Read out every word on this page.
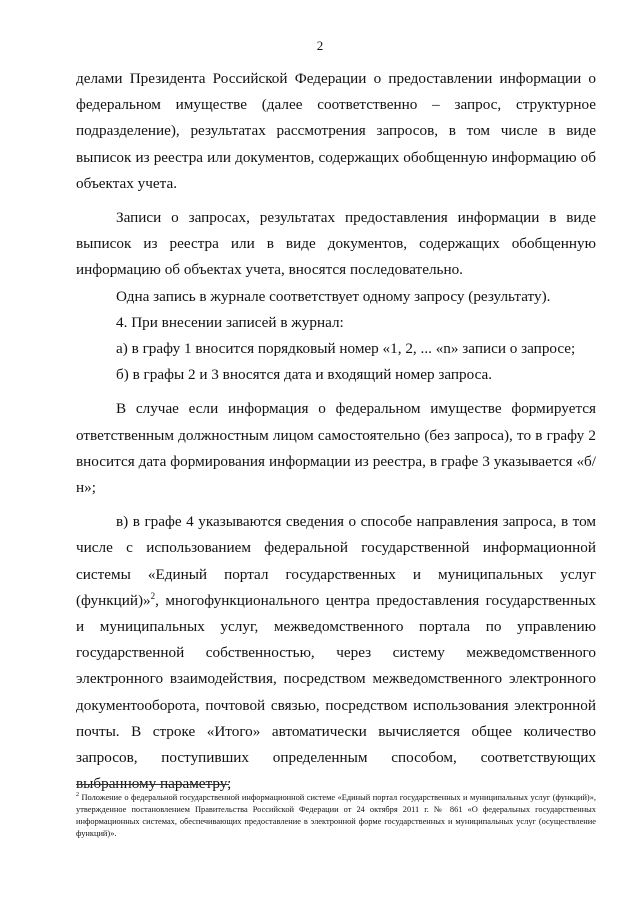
2

делами Президента Российской Федерации о предоставлении информации о федеральном имуществе (далее соответственно – запрос, структурное подразделение), результатах рассмотрения запросов, в том числе в виде выписок из реестра или документов, содержащих обобщенную информацию об объектах учета.

Записи о запросах, результатах предоставления информации в виде выписок из реестра или в виде документов, содержащих обобщенную информацию об объектах учета, вносятся последовательно.

Одна запись в журнале соответствует одному запросу (результату).

4. При внесении записей в журнал:

а) в графу 1 вносится порядковый номер «1, 2, ... «n» записи о запросе;

б) в графы 2 и 3 вносятся дата и входящий номер запроса.

В случае если информация о федеральном имуществе формируется ответственным должностным лицом самостоятельно (без запроса), то в графу 2 вносится дата формирования информации из реестра, в графе 3 указывается «б/н»;

в) в графе 4 указываются сведения о способе направления запроса, в том числе с использованием федеральной государственной информационной системы «Единый портал государственных и муниципальных услуг (функций)»$^2$, многофункционального центра предоставления государственных и муниципальных услуг, межведомственного портала по управлению государственной собственностью, через систему межведомственного электронного взаимодействия, посредством межведомственного электронного документооборота, почтовой связью, посредством использования электронной почты. В строке «Итого» автоматически вычисляется общее количество запросов, поступивших определенным способом, соответствующих выбранному параметру;

$^2$ Положение о федеральной государственной информационной системе «Единый портал государственных и муниципальных услуг (функций)», утвержденное постановлением Правительства Российской Федерации от 24 октября 2011 г. № 861 «О федеральных государственных информационных системах, обеспечивающих предоставление в электронной форме государственных и муниципальных услуг (осуществление функций)».
